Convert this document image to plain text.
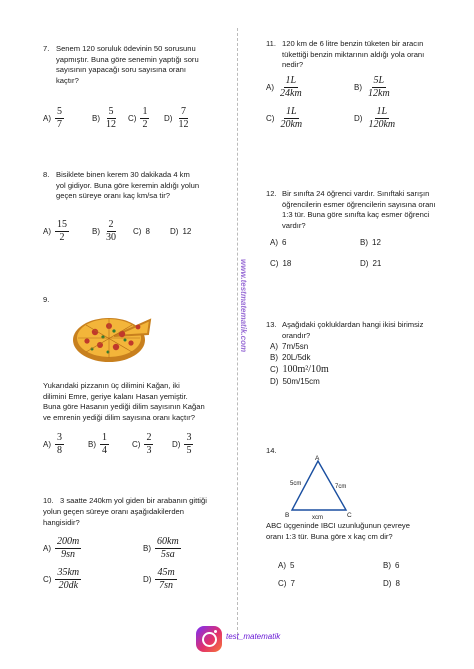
www.testmatematik.com
7. Senem 120 soruluk ödevinin 50 sorusunu
yapmıştır. Buna göre senemin yaptığı soru
sayısının yapacağı soru sayısına oranı
kaçtır?
$A) \frac{5}{7}$	$B) \frac{5}{12} C) \frac{1}{2} D) \frac{7}{12}$
8. Bisiklete binen kerem 30 dakikada 4 km
yol gidiyor. Buna göre keremin aldığı yolun
geçen süreye oranı kaç km/sa tir?
$A) \frac{15}{2}$	$B) \frac{2}{30} C$) 8	D) 12
9.
Yukarıdaki pizzanın üç dilimini Kağan, iki
dilimini Emre, geriye kalanı Hasan yemiştir.
Buna göre Hasanın yediği dilim sayısının Kağan
ve emrenin yediği dilim sayısına oranı kaçtır?
$A) \frac{3}{8}$	$B) \frac{1}{4}$	$C) \frac{2}{3} D) \frac{3}{5}$
10. 3 saatte 240km yol giden bir arabanın gittiği
yolun geçen süreye oranı aşağıdakilerden
hangisidir?
$A) \frac{200m}{9sn}$	$B) \frac{60km}{5sa}$
$C) \frac{35km}{20dk}$	$D) \frac{45m}{7sn}$
11. 120 km de 6 litre benzin tüketen bir aracın
tükettiği benzin miktarının aldığı yola oranı
nedir?
$A) \frac{1L}{24km}$	$B) \frac{5L}{12km}$
$C) \frac{1L}{20km}$	$D) \frac{1L}{120km}$
12. Bir sınıfta 24 öğrenci vardır. Sınıftaki sarışın
öğrencilerin esmer öğrencilerin sayısına oranı
1:3 tür. Buna göre sınıfta kaç esmer öğrenci
vardır?
A) 6	B) 12
C) 18	D) 21
13. Aşağıdaki çokluklardan hangi ikisi birimsiz
orandır?
A) 7m/5sn
B) 20L/5dk
C) 100m²/10m
D) 50m/15cm
14.
A
B	C
5cm	7cm
xcm
ABC üçgeninde IBCI uzunluğunun çevreye
oranı 1:3 tür. Buna göre x kaç cm dir?
A) 5	B) 6
C) 7	D) 8
test_matematik
